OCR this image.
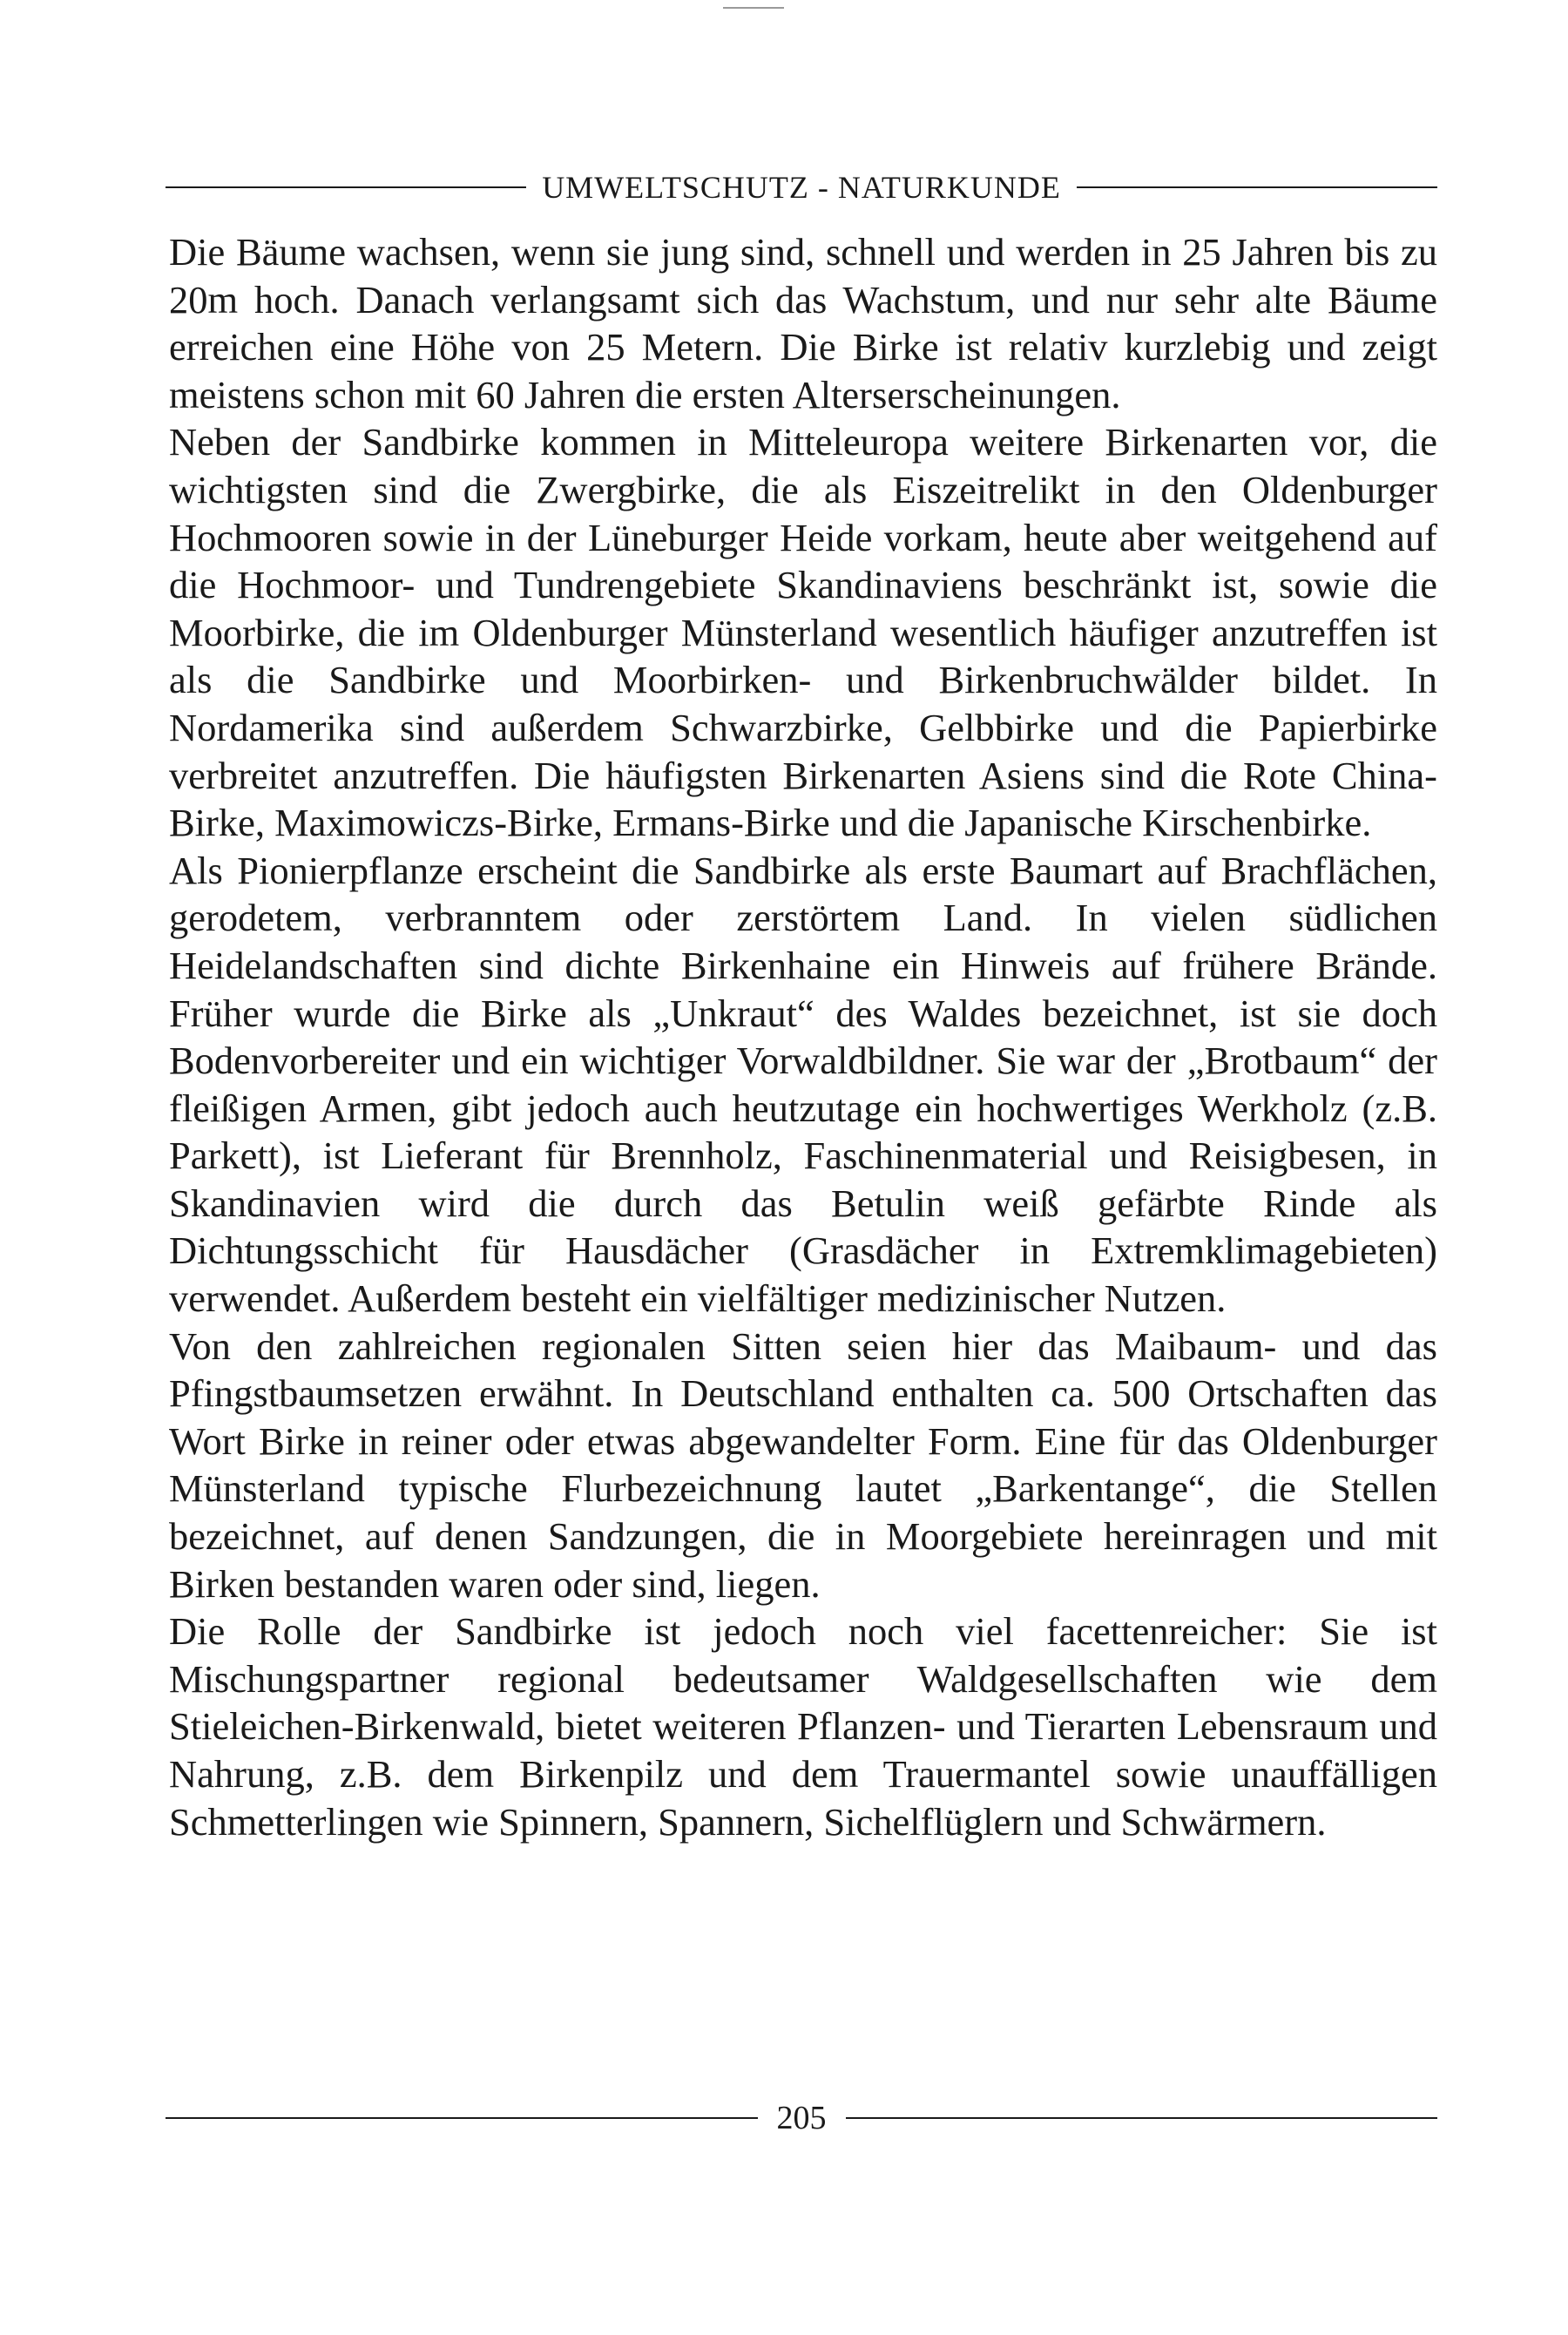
UMWELTSCHUTZ - NATURKUNDE

Die Bäume wachsen, wenn sie jung sind, schnell und werden in 25 Jahren bis zu 20m hoch. Danach verlangsamt sich das Wachstum, und nur sehr alte Bäume erreichen eine Höhe von 25 Metern. Die Birke ist relativ kurzlebig und zeigt meistens schon mit 60 Jahren die ersten Alterserscheinungen.

Neben der Sandbirke kommen in Mitteleuropa weitere Birkenarten vor, die wichtigsten sind die Zwergbirke, die als Eiszeitrelikt in den Oldenburger Hochmooren sowie in der Lüneburger Heide vorkam, heute aber weitgehend auf die Hochmoor- und Tundrengebiete Skandinaviens beschränkt ist, sowie die Moorbirke, die im Oldenburger Münsterland wesentlich häufiger anzutreffen ist als die Sandbirke und Moorbirken- und Birkenbruchwälder bildet. In Nordamerika sind außerdem Schwarzbirke, Gelbbirke und die Papierbirke verbreitet anzutreffen. Die häufigsten Birkenarten Asiens sind die Rote China-Birke, Maximowiczs-Birke, Ermans-Birke und die Japanische Kirschenbirke.

Als Pionierpflanze erscheint die Sandbirke als erste Baumart auf Brachflächen, gerodetem, verbranntem oder zerstörtem Land. In vielen südlichen Heidelandschaften sind dichte Birkenhaine ein Hinweis auf frühere Brände. Früher wurde die Birke als „Unkraut“ des Waldes bezeichnet, ist sie doch Bodenvorbereiter und ein wichtiger Vorwaldbildner. Sie war der „Brotbaum“ der fleißigen Armen, gibt jedoch auch heutzutage ein hochwertiges Werkholz (z.B. Parkett), ist Lieferant für Brennholz, Faschinenmaterial und Reisigbesen, in Skandinavien wird die durch das Betulin weiß gefärbte Rinde als Dichtungsschicht für Hausdächer (Grasdächer in Extremklimagebieten) verwendet. Außerdem besteht ein vielfältiger medizinischer Nutzen.

Von den zahlreichen regionalen Sitten seien hier das Maibaum- und das Pfingstbaumsetzen erwähnt. In Deutschland enthalten ca. 500 Ortschaften das Wort Birke in reiner oder etwas abgewandelter Form. Eine für das Oldenburger Münsterland typische Flurbezeichnung lautet „Barkentange“, die Stellen bezeichnet, auf denen Sandzungen, die in Moorgebiete hereinragen und mit Birken bestanden waren oder sind, liegen.

Die Rolle der Sandbirke ist jedoch noch viel facettenreicher: Sie ist Mischungspartner regional bedeutsamer Waldgesellschaften wie dem Stieleichen-Birkenwald, bietet weiteren Pflanzen- und Tierarten Lebensraum und Nahrung, z.B. dem Birkenpilz und dem Trauermantel sowie unauffälligen Schmetterlingen wie Spinnern, Spannern, Sichelflüglern und Schwärmern.

205
